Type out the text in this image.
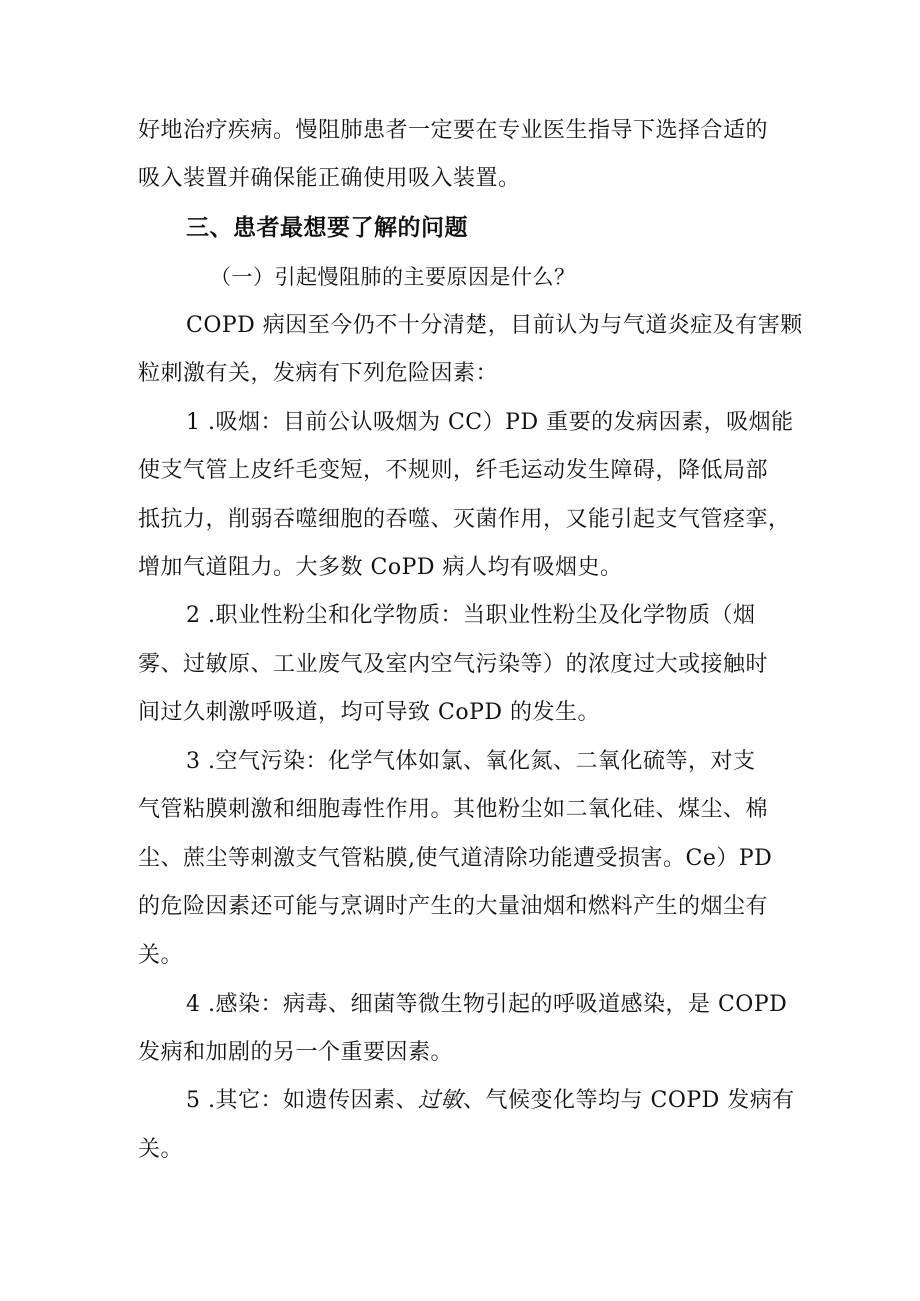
好地治疗疾病。慢阻肺患者一定要在专业医生指导下选择合适的
吸入装置并确保能正确使用吸入装置。
三、患者最想要了解的问题
（一）引起慢阻肺的主要原因是什么？
COPD 病因至今仍不十分清楚，目前认为与气道炎症及有害颗
粒刺激有关，发病有下列危险因素：
1 .吸烟：目前公认吸烟为 CC）PD 重要的发病因素，吸烟能
使支气管上皮纤毛变短，不规则，纤毛运动发生障碍，降低局部
抵抗力，削弱吞噬细胞的吞噬、灭菌作用，又能引起支气管痉挛，
增加气道阻力。大多数 CoPD 病人均有吸烟史。
2 .职业性粉尘和化学物质：当职业性粉尘及化学物质（烟
雾、过敏原、工业废气及室内空气污染等）的浓度过大或接触时
间过久刺激呼吸道，均可导致 CoPD 的发生。
3 .空气污染：化学气体如氯、氧化氮、二氧化硫等，对支
气管粘膜刺激和细胞毒性作用。其他粉尘如二氧化硅、煤尘、棉
尘、蔗尘等刺激支气管粘膜,使气道清除功能遭受损害。Ce）PD
的危险因素还可能与烹调时产生的大量油烟和燃料产生的烟尘有
关。
4 .感染：病毒、细菌等微生物引起的呼吸道感染，是 COPD
发病和加剧的另一个重要因素。
5 .其它：如遗传因素、过敏、气候变化等均与 COPD 发病有
关。
